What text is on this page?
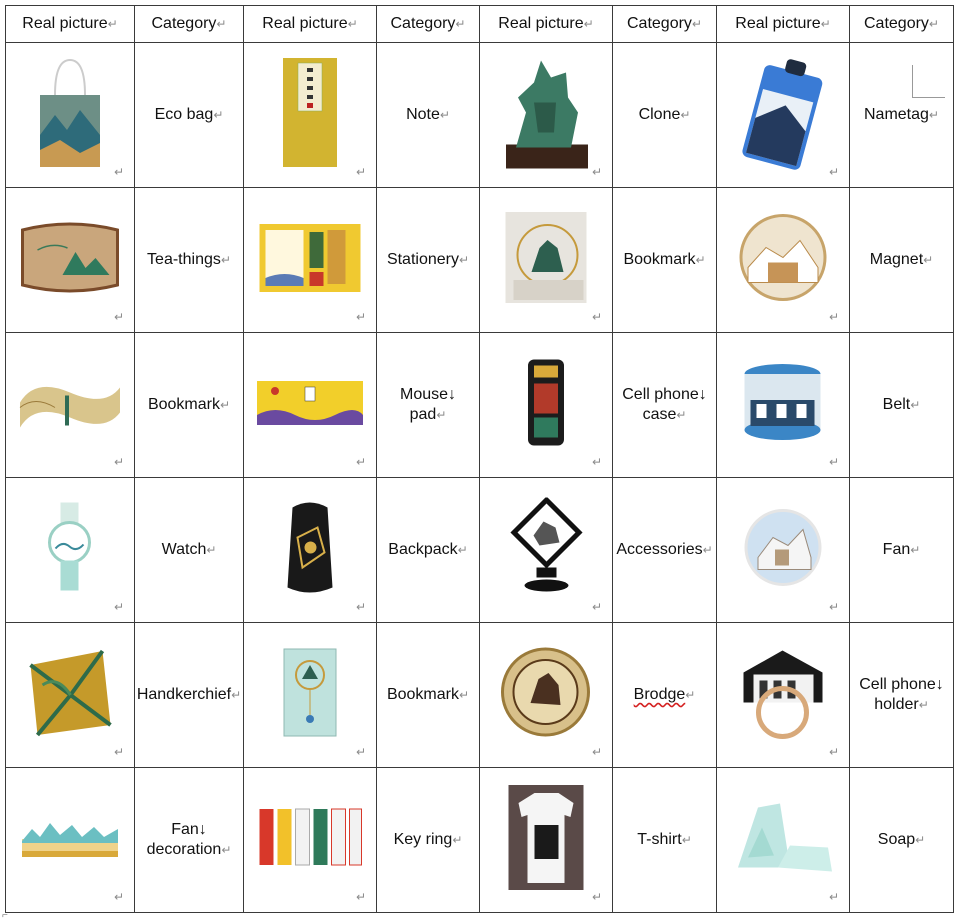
Real picture↵	Category↵	Real picture↵	Category↵	Real picture↵	Category↵	Real picture↵	Category↵

↵	Eco bag↵	↵	Note↵	↵	Clone↵	↵	Nametag↵

↵	Tea-things↵	↵	Stationery↵	↵	Bookmark↵	↵	Magnet↵

↵	Bookmark↵	↵	Mouse↓
pad↵	↵	Cell phone↓
case↵	↵	Belt↵

↵	Watch↵	↵	Backpack↵	↵	Accessories↵	↵	Fan↵

↵	Handkerchief↵	↵	Bookmark↵	↵	Brodge↵	↵	Cell phone↓
holder↵

↵	Fan↓
decoration↵	↵	Key ring↵	↵	T-shirt↵	↵	Soap↵
⌐
